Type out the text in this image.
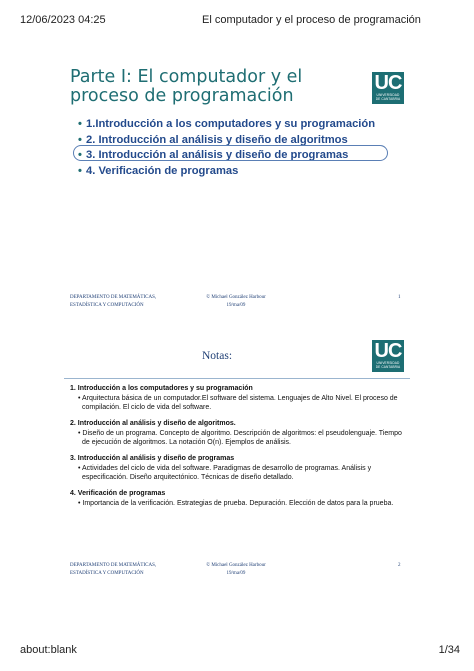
12/06/2023 04:25	El computador y el proceso de programación
Parte I: El computador y el proceso de programación
UC
UNIVERSIDAD
DE CANTABRIA
• 1.Introducción a los computadores y su programación
• 2. Introducción al análisis y diseño de algoritmos
• 3. Introducción al análisis y diseño de programas
• 4. Verificación de programas
DEPARTAMENTO DE MATEMÁTICAS,
ESTADÍSTICA Y COMPUTACIÓN
© Michael González Harbour
19/ma/09
1
Notas:	UC
UNIVERSIDAD
DE CANTABRIA
1. Introducción a los computadores y su programación
• Arquitectura básica de un computador.El software del sistema. Lenguajes de Alto Nivel. El proceso de compilación. El ciclo de vida del software.
2. Introducción al análisis y diseño de algoritmos.
• Diseño de un programa. Concepto de algoritmo. Descripción de algoritmos: el pseudolenguaje. Tiempo de ejecución de algoritmos. La notación O(n). Ejemplos de análisis.
3. Introducción al análisis y diseño de programas
• Actividades del ciclo de vida del software. Paradigmas de desarrollo de programas. Análisis y especificación. Diseño arquitectónico. Técnicas de diseño detallado.
4. Verificación de programas
• Importancia de la verificación. Estrategias de prueba. Depuración. Elección de datos para la prueba.
DEPARTAMENTO DE MATEMÁTICAS,
ESTADÍSTICA Y COMPUTACIÓN
© Michael González Harbour
19/ma/09
2
about:blank	1/34
